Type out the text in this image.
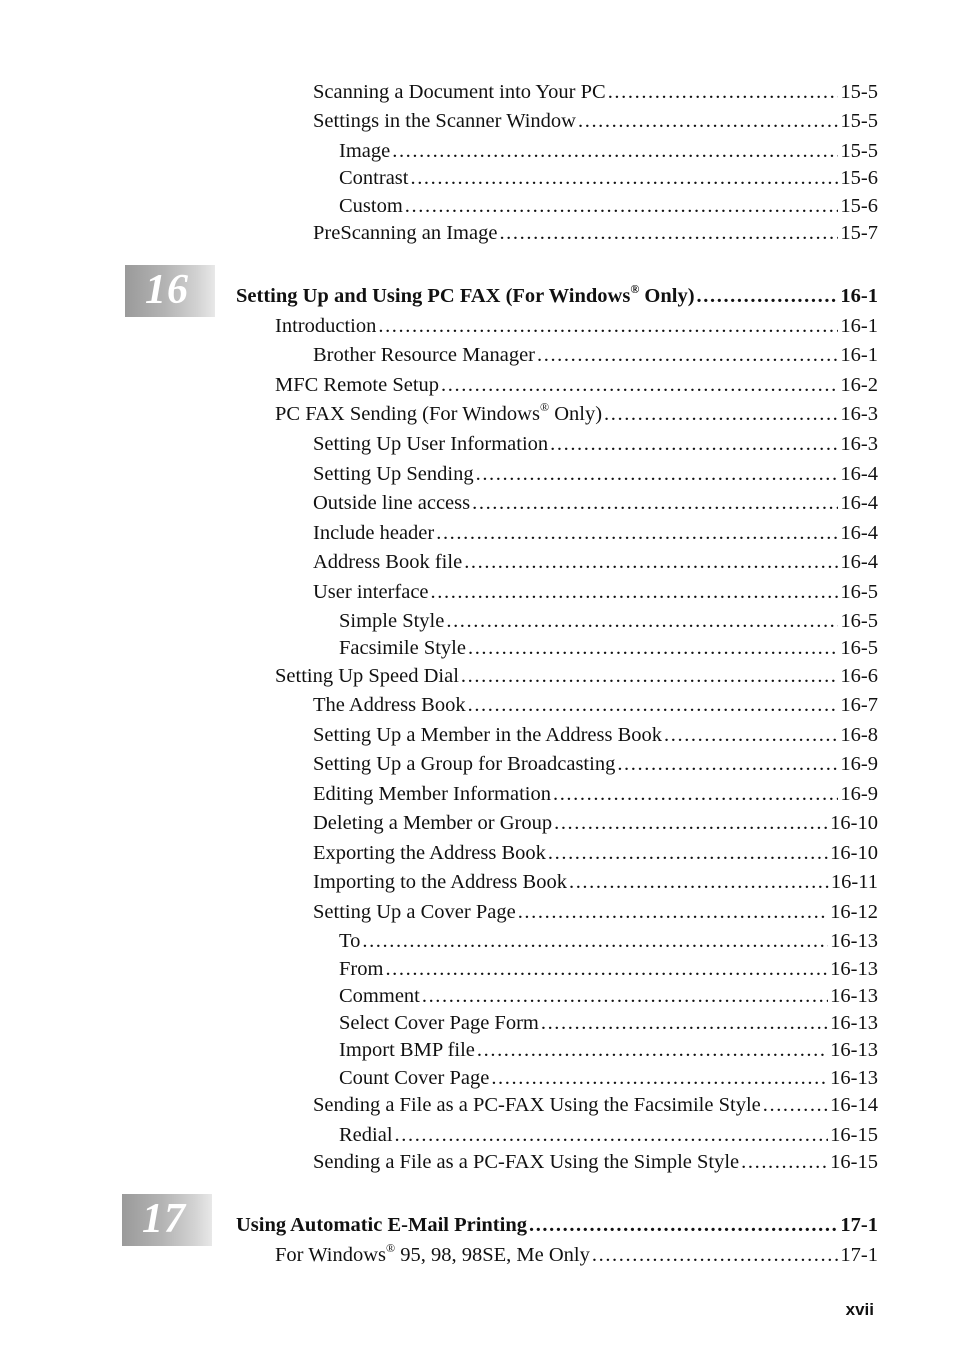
Scanning a Document into Your PC .....	15-5
Settings in the Scanner Window .....	15-5
Image .....	15-5
Contrast .....	15-6
Custom .....	15-6
PreScanning an Image .....	15-7
16 Setting Up and Using PC FAX (For Windows® Only) .....	16-1
Introduction .....	16-1
Brother Resource Manager .....	16-1
MFC Remote Setup .....	16-2
PC FAX Sending (For Windows® Only) .....	16-3
Setting Up User Information .....	16-3
Setting Up Sending .....	16-4
Outside line access .....	16-4
Include header .....	16-4
Address Book file .....	16-4
User interface .....	16-5
Simple Style .....	16-5
Facsimile Style .....	16-5
Setting Up Speed Dial .....	16-6
The Address Book .....	16-7
Setting Up a Member in the Address Book .....	16-8
Setting Up a Group for Broadcasting .....	16-9
Editing Member Information .....	16-9
Deleting a Member or Group .....	16-10
Exporting the Address Book .....	16-10
Importing to the Address Book .....	16-11
Setting Up a Cover Page .....	16-12
To .....	16-13
From .....	16-13
Comment .....	16-13
Select Cover Page Form .....	16-13
Import BMP file .....	16-13
Count Cover Page .....	16-13
Sending a File as a PC-FAX Using the Facsimile Style .....	16-14
Redial .....	16-15
Sending a File as a PC-FAX Using the Simple Style .....	16-15
17 Using Automatic E-Mail Printing .....	17-1
For Windows® 95, 98, 98SE, Me Only .....	17-1
xvii
